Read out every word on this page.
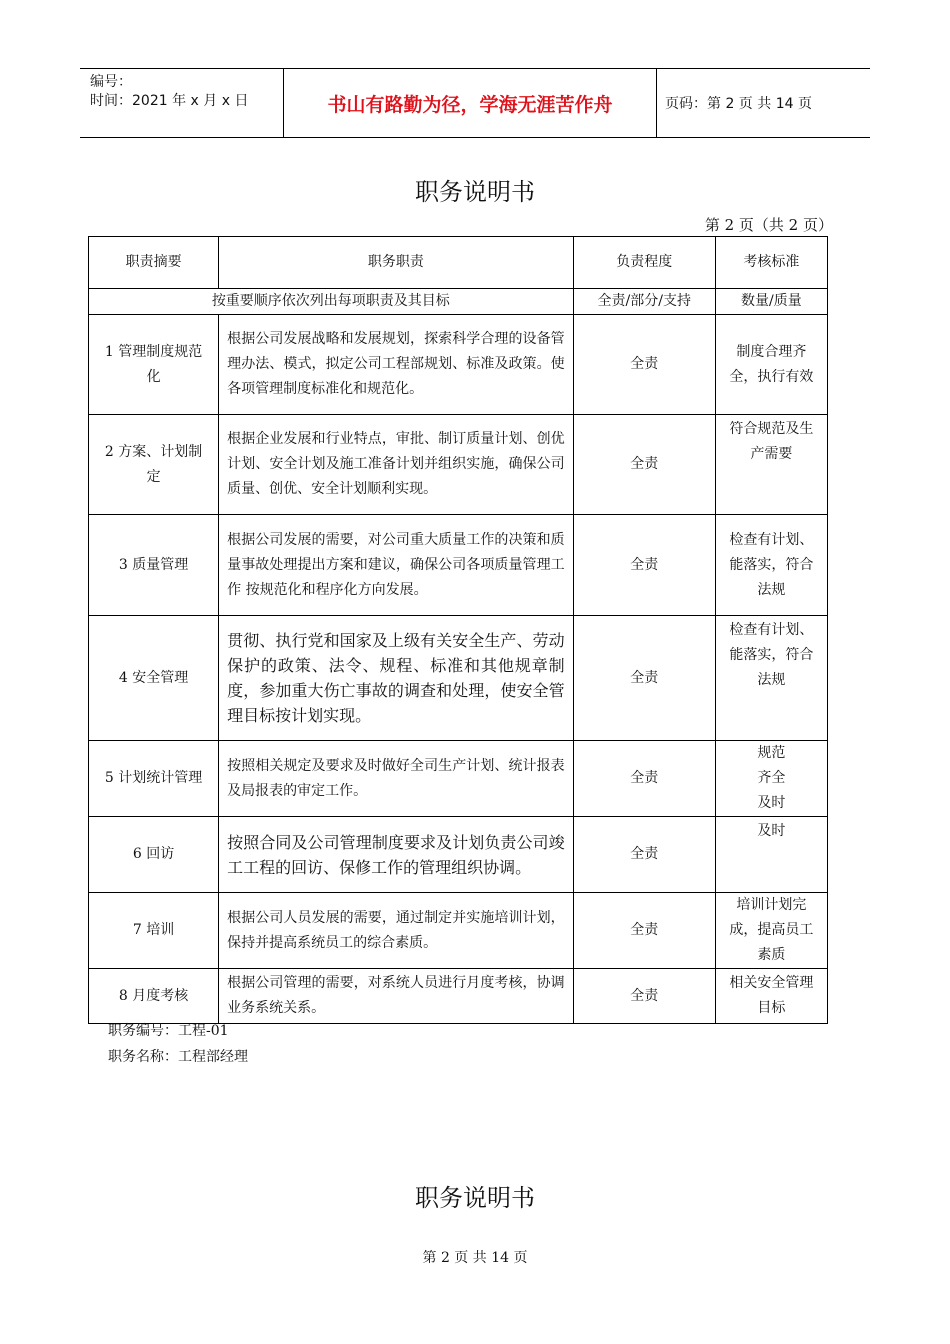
编号：
时间：2021 年 x 月 x 日	书山有路勤为径，学海无涯苦作舟	页码：第 2 页 共 14 页
职务说明书
第 2 页（共 2 页）
职责摘要	职务职责	负责程度	考核标准
按重要顺序依次列出每项职责及其目标		全责/部分/支持	数量/质量
1 管理制度规范化	根据公司发展战略和发展规划，探索科学合理的设备管理办法、模式，拟定公司工程部规划、标准及政策。使各项管理制度标准化和规范化。	全责	制度合理齐全，执行有效
2 方案、计划制定	根据企业发展和行业特点，审批、制订质量计划、创优计划、安全计划及施工准备计划并组织实施，确保公司质量、创优、安全计划顺利实现。	全责	符合规范及生产需要
3 质量管理	根据公司发展的需要，对公司重大质量工作的决策和质量事故处理提出方案和建议，确保公司各项质量管理工作 按规范化和程序化方向发展。	全责	检查有计划、能落实，符合法规
4 安全管理	贯彻、执行党和国家及上级有关安全生产、劳动保护的政策、法令、规程、标准和其他规章制度，参加重大伤亡事故的调查和处理，使安全管理目标按计划实现。	全责	检查有计划、能落实，符合法规
5 计划统计管理	按照相关规定及要求及时做好全司生产计划、统计报表及局报表的审定工作。	全责	规范
齐全
及时
6 回访	按照合同及公司管理制度要求及计划负责公司竣工工程的回访、保修工作的管理组织协调。	全责	及时
7 培训	根据公司人员发展的需要，通过制定并实施培训计划，保持并提高系统员工的综合素质。	全责	培训计划完成，提高员工素质
8 月度考核	根据公司管理的需要，对系统人员进行月度考核，协调业务系统关系。	全责	相关安全管理目标
职务编号：工程-01
职务名称：工程部经理
职务说明书
第 2 页 共 14 页
